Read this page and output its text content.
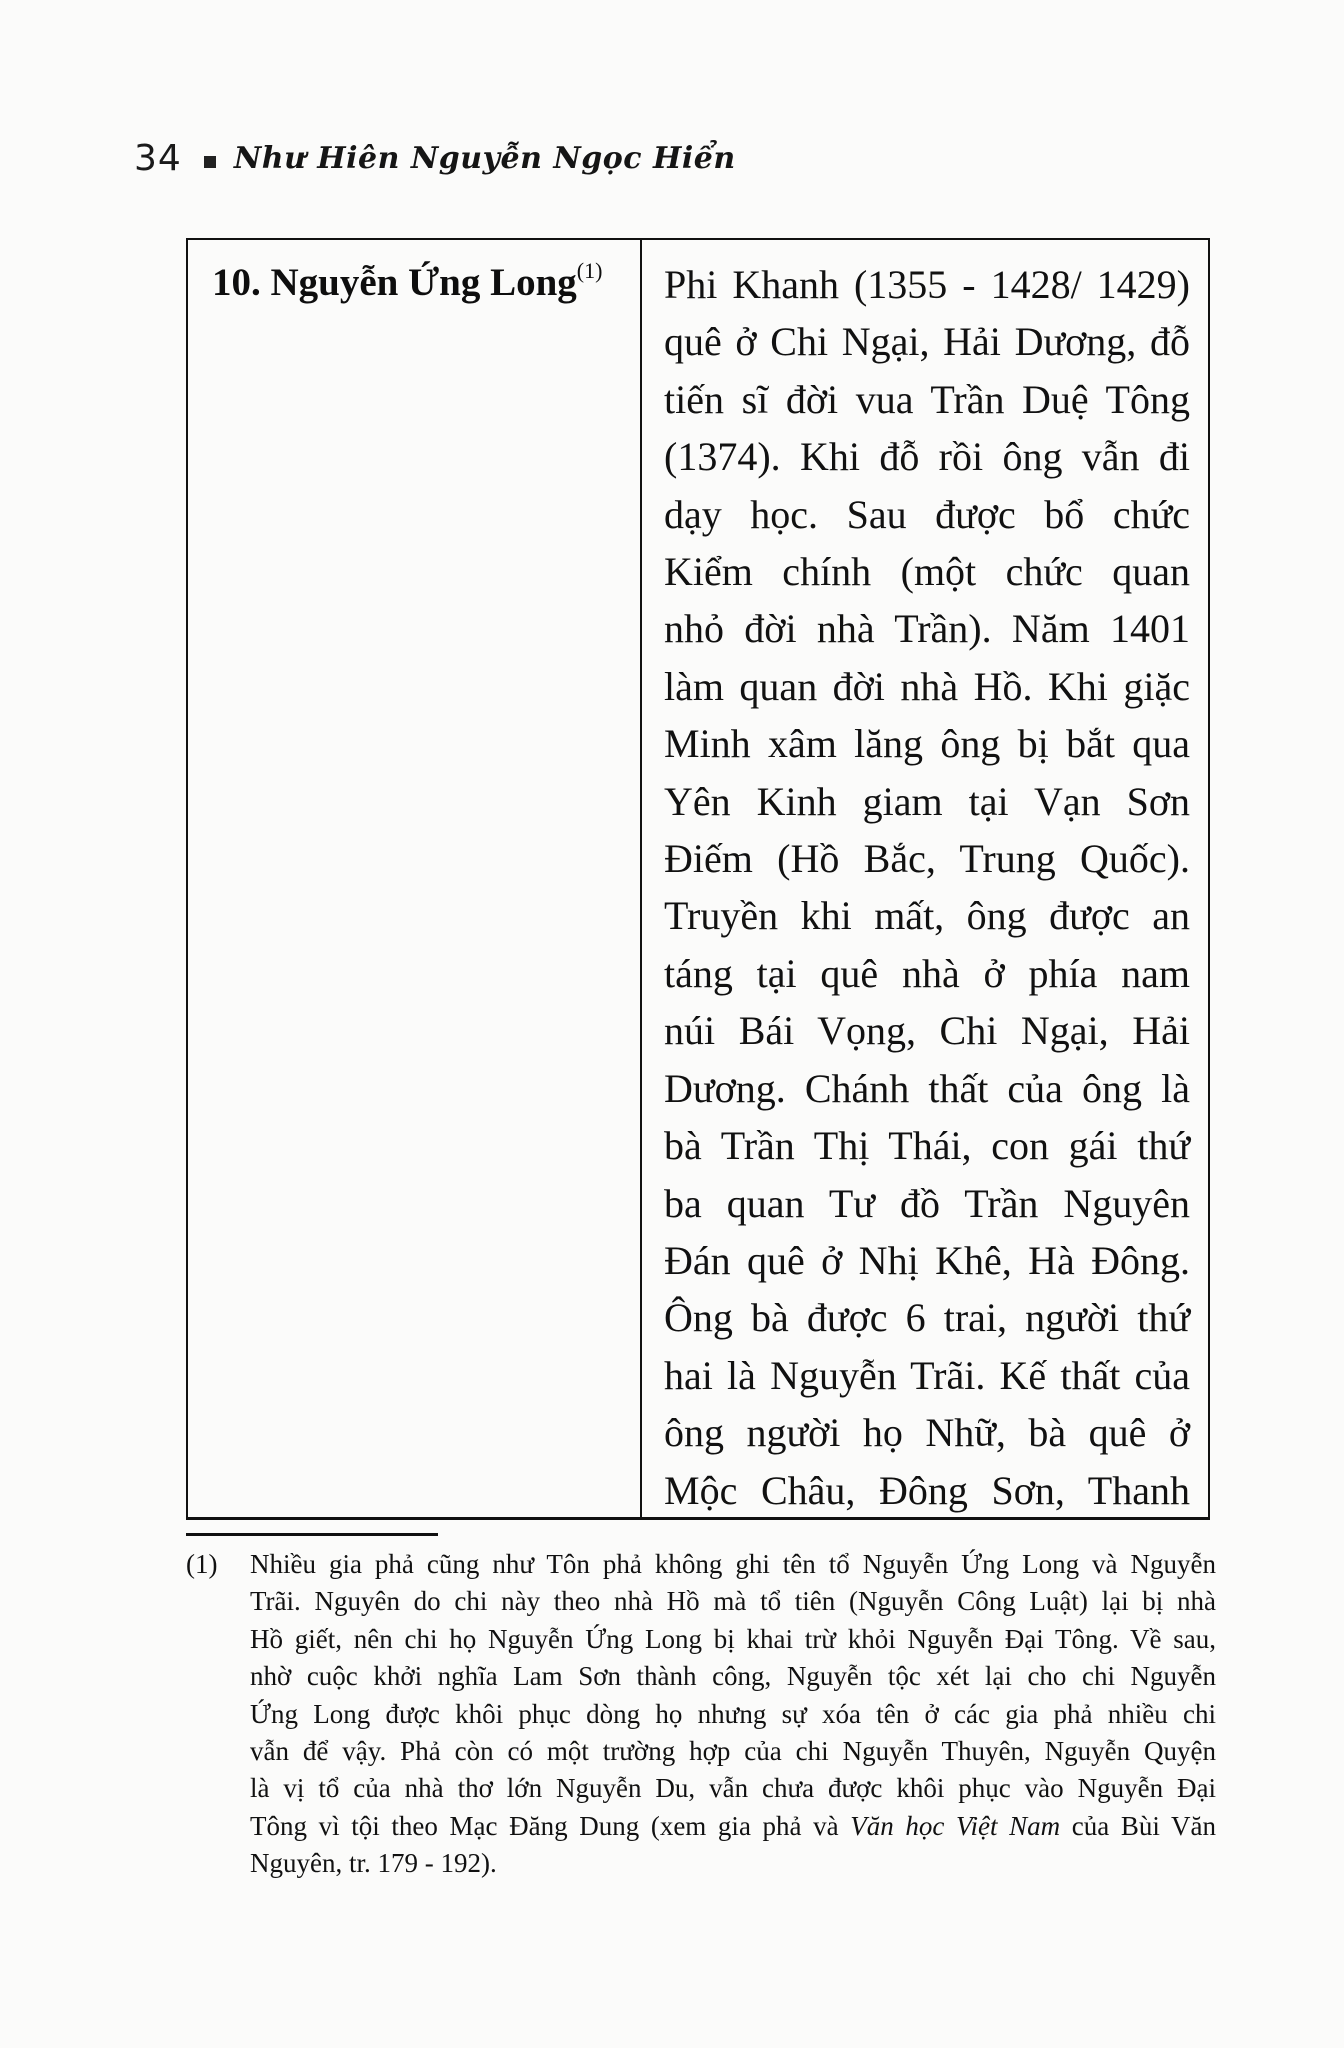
34 Như Hiên Nguyễn Ngọc Hiển
10. Nguyễn Ứng Long$^{(1)}$	Phi Khanh (1355 - 1428/ 1429)
quê ở Chi Ngại, Hải Dương, đỗ
tiến sĩ đời vua Trần Duệ Tông
(1374). Khi đỗ rồi ông vẫn đi
dạy học. Sau được bổ chức
Kiểm chính (một chức quan
nhỏ đời nhà Trần). Năm 1401
làm quan đời nhà Hồ. Khi giặc
Minh xâm lăng ông bị bắt qua
Yên Kinh giam tại Vạn Sơn
Điếm (Hồ Bắc, Trung Quốc).
Truyền khi mất, ông được an
táng tại quê nhà ở phía nam
núi Bái Vọng, Chi Ngại, Hải
Dương. Chánh thất của ông là
bà Trần Thị Thái, con gái thứ
ba quan Tư đồ Trần Nguyên
Đán quê ở Nhị Khê, Hà Đông.
Ông bà được 6 trai, người thứ
hai là Nguyễn Trãi. Kế thất của
ông người họ Nhữ, bà quê ở
Mộc Châu, Đông Sơn, Thanh
(1)	Nhiều gia phả cũng như Tôn phả không ghi tên tổ Nguyễn Ứng Long và Nguyễn
Trãi. Nguyên do chi này theo nhà Hồ mà tổ tiên (Nguyễn Công Luật) lại bị nhà
Hồ giết, nên chi họ Nguyễn Ứng Long bị khai trừ khỏi Nguyễn Đại Tông. Về sau,
nhờ cuộc khởi nghĩa Lam Sơn thành công, Nguyễn tộc xét lại cho chi Nguyễn
Ứng Long được khôi phục dòng họ nhưng sự xóa tên ở các gia phả nhiều chi
vẫn để vậy. Phả còn có một trường hợp của chi Nguyễn Thuyên, Nguyễn Quyện
là vị tổ của nhà thơ lớn Nguyễn Du, vẫn chưa được khôi phục vào Nguyễn Đại
Tông vì tội theo Mạc Đăng Dung (xem gia phả và Văn học Việt Nam của Bùi Văn
Nguyên, tr. 179 - 192).
